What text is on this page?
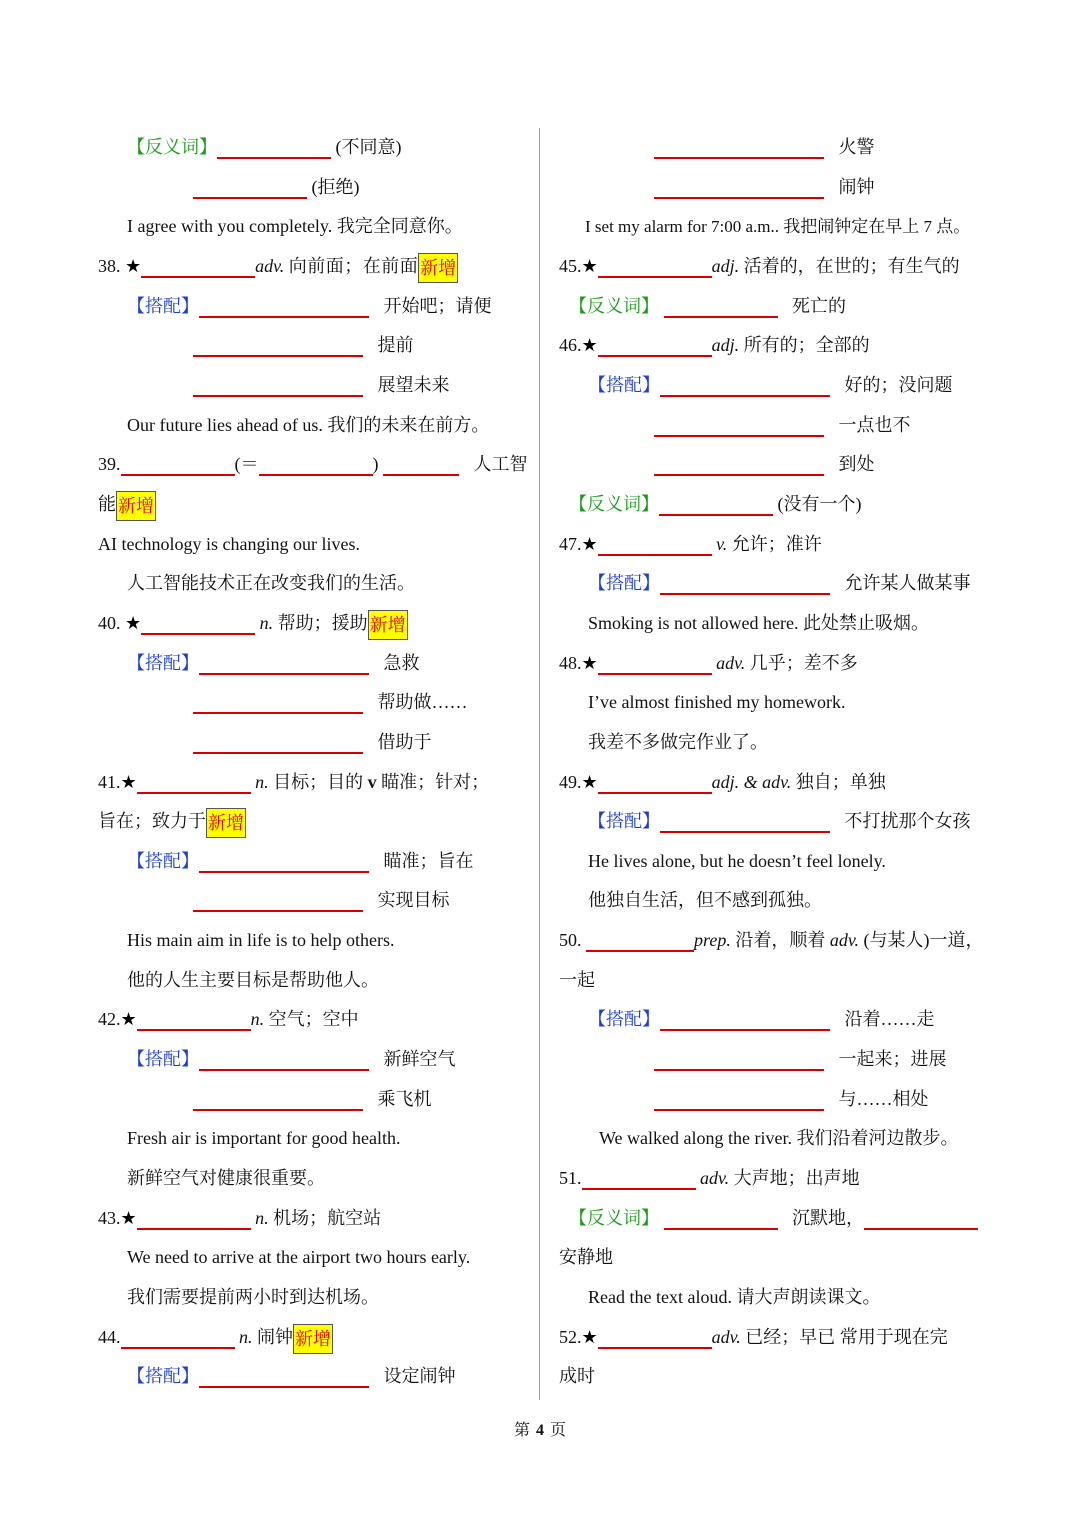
【反义词】	(不同意)
(拒绝)
I agree with you completely. 我完全同意你。
38. ★	adv. 向前面；在前面 新增
【搭配】	开始吧；请便
提前
展望未来
Our future lies ahead of us. 我们的未来在前方。
39.	(＝	)	人工智
能 新增
AI technology is changing our lives.
人工智能技术正在改变我们的生活。
40. ★	n. 帮助；援助 新增
【搭配】	急救
帮助做……
借助于
41.★	n. 目标；目的 v 瞄准；针对；
旨在；致力于 新增
【搭配】	瞄准；旨在
实现目标
His main aim in life is to help others.
他的人生主要目标是帮助他人。
42.★	n. 空气；空中
【搭配】	新鲜空气
乘飞机
Fresh air is important for good health.
新鲜空气对健康很重要。
43.★	n. 机场；航空站
We need to arrive at the airport two hours early.
我们需要提前两小时到达机场。
44.	n. 闹钟 新增
【搭配】	设定闹钟
火警
闹钟
I set my alarm for 7:00 a.m.. 我把闹钟定在早上 7 点。
45.★	adj. 活着的，在世的；有生气的
【反义词】	死亡的
46.★	adj. 所有的；全部的
【搭配】	好的；没问题
一点也不
到处
【反义词】	(没有一个)
47.★	v. 允许；准许
【搭配】	允许某人做某事
Smoking is not allowed here. 此处禁止吸烟。
48.★	adv. 几乎；差不多
I’ve almost finished my homework.
我差不多做完作业了。
49.★	adj. & adv. 独自；单独
【搭配】	不打扰那个女孩
He lives alone, but he doesn’t feel lonely.
他独自生活，但不感到孤独。
50.	prep. 沿着，顺着 adv. (与某人)一道，
一起
【搭配】	沿着……走
一起来；进展
与……相处
We walked along the river. 我们沿着河边散步。
51.	adv. 大声地；出声地
【反义词】	沉默地，
安静地
Read the text aloud. 请大声朗读课文。
52.★	adv. 已经；早已 常用于现在完
成时
第 4 页
